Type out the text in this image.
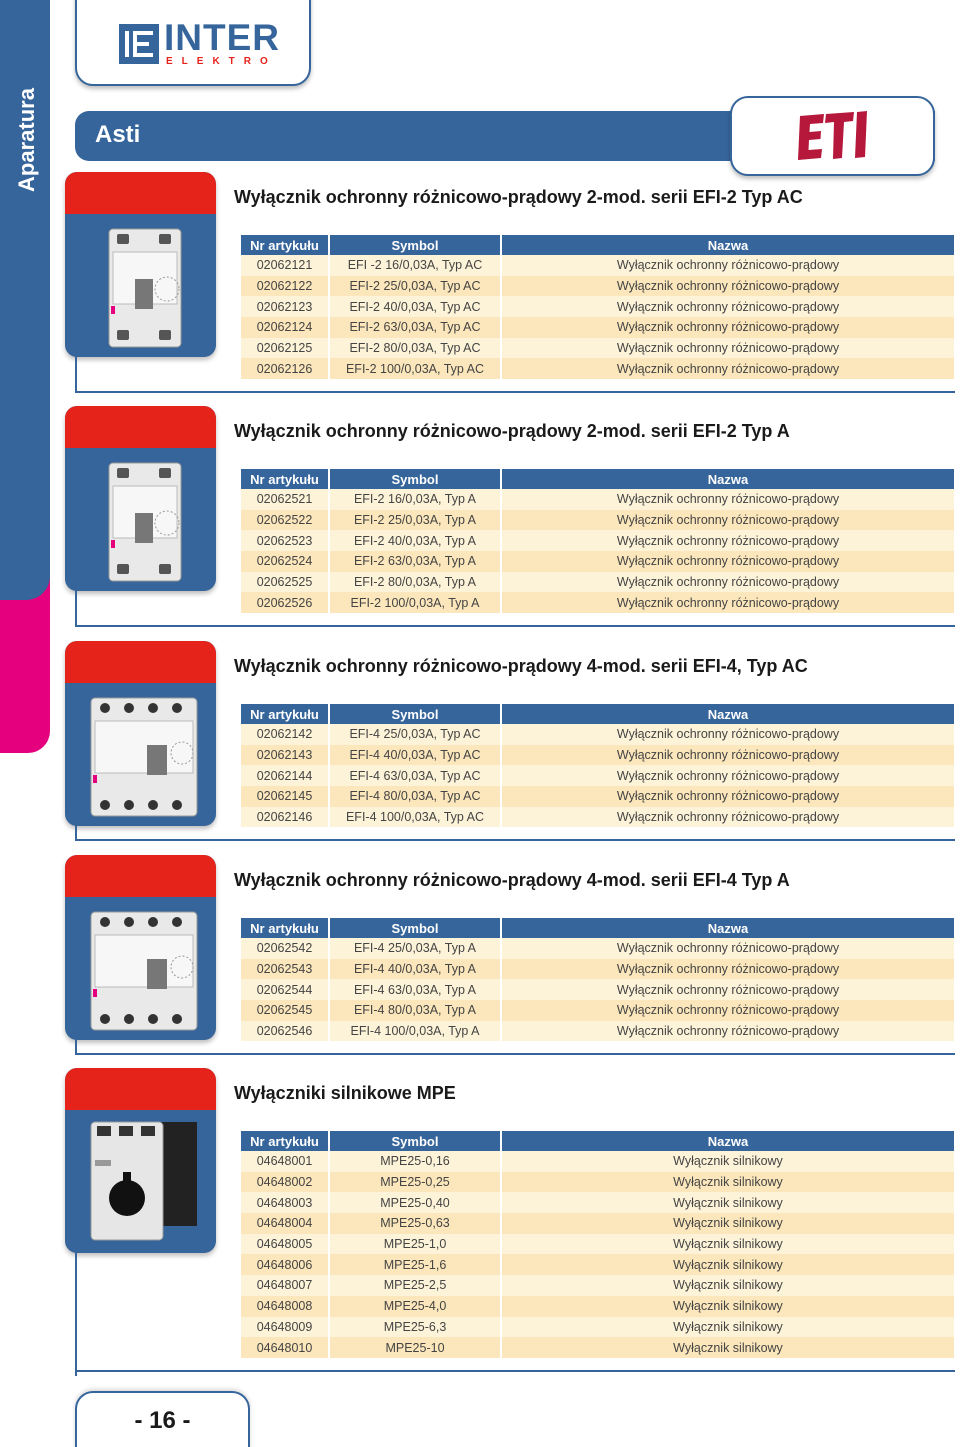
Aparatura
INTER
ELEKTRO
Asti
ETI
Wyłącznik ochronny różnicowo-prądowy 2-mod. serii EFI-2 Typ AC
Nr artykułu	Symbol	Nazwa
02062121	EFI -2 16/0,03A, Typ AC	Wyłącznik ochronny różnicowo-prądowy
02062122	EFI-2 25/0,03A, Typ AC	Wyłącznik ochronny różnicowo-prądowy
02062123	EFI-2 40/0,03A, Typ AC	Wyłącznik ochronny różnicowo-prądowy
02062124	EFI-2 63/0,03A, Typ AC	Wyłącznik ochronny różnicowo-prądowy
02062125	EFI-2 80/0,03A, Typ AC	Wyłącznik ochronny różnicowo-prądowy
02062126	EFI-2 100/0,03A, Typ AC	Wyłącznik ochronny różnicowo-prądowy
Wyłącznik ochronny różnicowo-prądowy 2-mod. serii EFI-2 Typ A
Nr artykułu	Symbol	Nazwa
02062521	EFI-2 16/0,03A, Typ A	Wyłącznik ochronny różnicowo-prądowy
02062522	EFI-2 25/0,03A, Typ A	Wyłącznik ochronny różnicowo-prądowy
02062523	EFI-2 40/0,03A, Typ A	Wyłącznik ochronny różnicowo-prądowy
02062524	EFI-2 63/0,03A, Typ A	Wyłącznik ochronny różnicowo-prądowy
02062525	EFI-2 80/0,03A, Typ A	Wyłącznik ochronny różnicowo-prądowy
02062526	EFI-2 100/0,03A, Typ A	Wyłącznik ochronny różnicowo-prądowy
Wyłącznik ochronny różnicowo-prądowy 4-mod. serii EFI-4, Typ AC
Nr artykułu	Symbol	Nazwa
02062142	EFI-4 25/0,03A, Typ AC	Wyłącznik ochronny różnicowo-prądowy
02062143	EFI-4 40/0,03A, Typ AC	Wyłącznik ochronny różnicowo-prądowy
02062144	EFI-4 63/0,03A, Typ AC	Wyłącznik ochronny różnicowo-prądowy
02062145	EFI-4 80/0,03A, Typ AC	Wyłącznik ochronny różnicowo-prądowy
02062146	EFI-4 100/0,03A, Typ AC	Wyłącznik ochronny różnicowo-prądowy
Wyłącznik ochronny różnicowo-prądowy 4-mod. serii EFI-4 Typ A
Nr artykułu	Symbol	Nazwa
02062542	EFI-4 25/0,03A, Typ A	Wyłącznik ochronny różnicowo-prądowy
02062543	EFI-4 40/0,03A, Typ A	Wyłącznik ochronny różnicowo-prądowy
02062544	EFI-4 63/0,03A, Typ A	Wyłącznik ochronny różnicowo-prądowy
02062545	EFI-4 80/0,03A, Typ A	Wyłącznik ochronny różnicowo-prądowy
02062546	EFI-4 100/0,03A, Typ A	Wyłącznik ochronny różnicowo-prądowy
Wyłączniki silnikowe MPE
Nr artykułu	Symbol	Nazwa
04648001	MPE25-0,16	Wyłącznik silnikowy
04648002	MPE25-0,25	Wyłącznik silnikowy
04648003	MPE25-0,40	Wyłącznik silnikowy
04648004	MPE25-0,63	Wyłącznik silnikowy
04648005	MPE25-1,0	Wyłącznik silnikowy
04648006	MPE25-1,6	Wyłącznik silnikowy
04648007	MPE25-2,5	Wyłącznik silnikowy
04648008	MPE25-4,0	Wyłącznik silnikowy
04648009	MPE25-6,3	Wyłącznik silnikowy
04648010	MPE25-10	Wyłącznik silnikowy
- 16 -
